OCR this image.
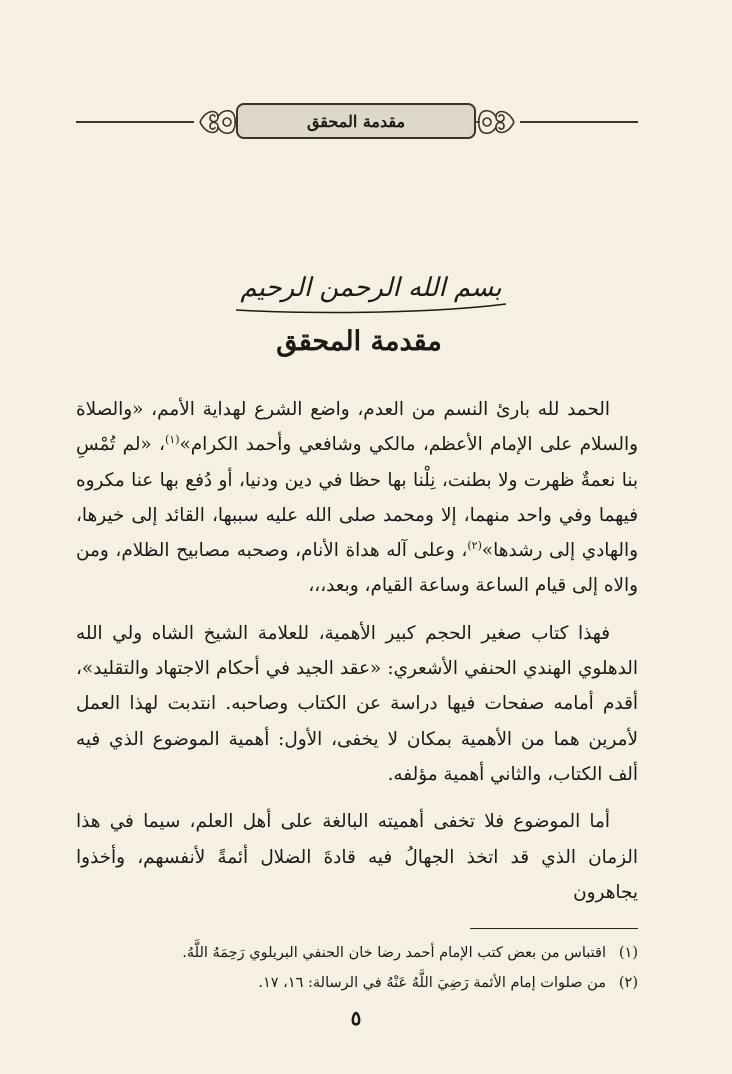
مقدمة المحقق
بسم الله الرحمن الرحيم
مقدمة المحقق

الحمد لله بارئ النسم من العدم، واضع الشرع لهداية الأمم، «والصلاة والسلام على الإمام الأعظم، مالكي وشافعي وأحمد الكرام»$^{(١)}$، «لم تُمْسِ بنا نعمةٌ ظهرت ولا بطنت، نِلْنا بها حظا في دين ودنيا، أو دُفع بها عنا مكروه فيهما وفي واحد منهما، إلا ومحمد صلى الله عليه سببها، القائد إلى خيرها، والهادي إلى رشدها»$^{(٢)}$، وعلى آله هداة الأنام، وصحبه مصابيح الظلام، ومن والاه إلى قيام الساعة وساعة القيام، وبعد،،،

فهذا كتاب صغير الحجم كبير الأهمية، للعلامة الشيخ الشاه ولي الله الدهلوي الهندي الحنفي الأشعري: «عقد الجيد في أحكام الاجتهاد والتقليد»، أقدم أمامه صفحات فيها دراسة عن الكتاب وصاحبه. انتدبت لهذا العمل لأمرين هما من الأهمية بمكان لا يخفى، الأول: أهمية الموضوع الذي فيه ألف الكتاب، والثاني أهمية مؤلفه.

أما الموضوع فلا تخفى أهميته البالغة على أهل العلم، سيما في هذا الزمان الذي قد اتخذ الجهالُ فيه قادةَ الضلال أئمةً لأنفسهم، وأخذوا يجاهرون

(١)اقتباس من بعض كتب الإمام أحمد رضا خان الحنفي البريلوي رَحِمَهُ اللَّهُ.
(٢)من صلوات إمام الأئمة رَضِيَ اللَّهُ عَنْهُ في الرسالة: ١٦، ١٧.
٥
